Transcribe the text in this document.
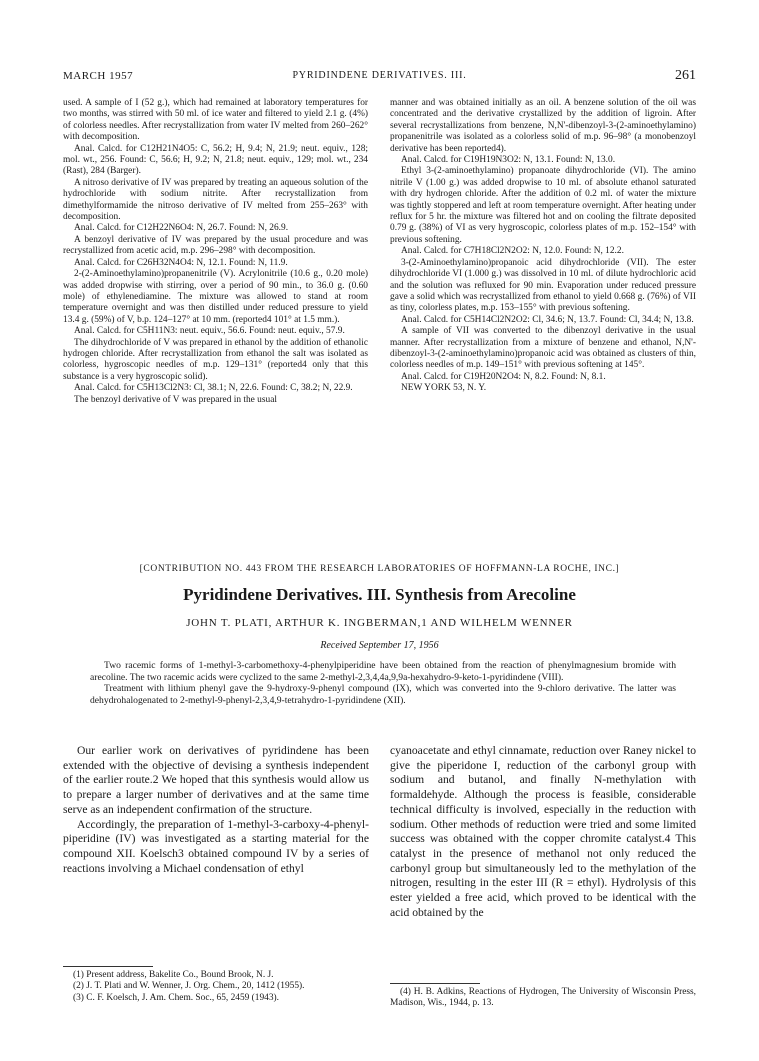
MARCH 1957	PYRIDINDENE DERIVATIVES. III.	261

used. A sample of I (52 g.), which had remained at laboratory temperatures for two months, was stirred with 50 ml. of ice water and filtered to yield 2.1 g. (4%) of colorless needles. After recrystallization from water IV melted from 260–262° with decomposition.

Anal. Calcd. for C12H21N4O5: C, 56.2; H, 9.4; N, 21.9; neut. equiv., 128; mol. wt., 256. Found: C, 56.6; H, 9.2; N, 21.8; neut. equiv., 129; mol. wt., 234 (Rast), 284 (Barger).

A nitroso derivative of IV was prepared by treating an aqueous solution of the hydrochloride with sodium nitrite. After recrystallization from dimethylformamide the nitroso derivative of IV melted from 255–263° with decomposition.

Anal. Calcd. for C12H22N6O4: N, 26.7. Found: N, 26.9.

A benzoyl derivative of IV was prepared by the usual procedure and was recrystallized from acetic acid, m.p. 296–298° with decomposition.

Anal. Calcd. for C26H32N4O4: N, 12.1. Found: N, 11.9.

2-(2-Aminoethylamino)propanenitrile (V). Acrylonitrile (10.6 g., 0.20 mole) was added dropwise with stirring, over a period of 90 min., to 36.0 g. (0.60 mole) of ethylenediamine. The mixture was allowed to stand at room temperature overnight and was then distilled under reduced pressure to yield 13.4 g. (59%) of V, b.p. 124–127° at 10 mm. (reported4 101° at 1.5 mm.).

Anal. Calcd. for C5H11N3: neut. equiv., 56.6. Found: neut. equiv., 57.9.

The dihydrochloride of V was prepared in ethanol by the addition of ethanolic hydrogen chloride. After recrystallization from ethanol the salt was isolated as colorless, hygroscopic needles of m.p. 129–131° (reported4 only that this substance is a very hygroscopic solid).

Anal. Calcd. for C5H13Cl2N3: Cl, 38.1; N, 22.6. Found: C, 38.2; N, 22.9.

The benzoyl derivative of V was prepared in the usual

manner and was obtained initially as an oil. A benzene solution of the oil was concentrated and the derivative crystallized by the addition of ligroin. After several recrystallizations from benzene, N,N'-dibenzoyl-3-(2-aminoethylamino) propanenitrile was isolated as a colorless solid of m.p. 96–98° (a monobenzoyl derivative has been reported4).

Anal. Calcd. for C19H19N3O2: N, 13.1. Found: N, 13.0.

Ethyl 3-(2-aminoethylamino) propanoate dihydrochloride (VI). The amino nitrile V (1.00 g.) was added dropwise to 10 ml. of absolute ethanol saturated with dry hydrogen chloride. After the addition of 0.2 ml. of water the mixture was tightly stoppered and left at room temperature overnight. After heating under reflux for 5 hr. the mixture was filtered hot and on cooling the filtrate deposited 0.79 g. (38%) of VI as very hygroscopic, colorless plates of m.p. 152–154° with previous softening.

Anal. Calcd. for C7H18Cl2N2O2: N, 12.0. Found: N, 12.2.

3-(2-Aminoethylamino)propanoic acid dihydrochloride (VII). The ester dihydrochloride VI (1.000 g.) was dissolved in 10 ml. of dilute hydrochloric acid and the solution was refluxed for 90 min. Evaporation under reduced pressure gave a solid which was recrystallized from ethanol to yield 0.668 g. (76%) of VII as tiny, colorless plates, m.p. 153–155° with previous softening.

Anal. Calcd. for C5H14Cl2N2O2: Cl, 34.6; N, 13.7. Found: Cl, 34.4; N, 13.8.

A sample of VII was converted to the dibenzoyl derivative in the usual manner. After recrystallization from a mixture of benzene and ethanol, N,N'-dibenzoyl-3-(2-aminoethylamino)propanoic acid was obtained as clusters of thin, colorless needles of m.p. 149–151° with previous softening at 145°.

Anal. Calcd. for C19H20N2O4: N, 8.2. Found: N, 8.1.

NEW YORK 53, N. Y.

[CONTRIBUTION NO. 443 FROM THE RESEARCH LABORATORIES OF HOFFMANN-LA ROCHE, INC.]
Pyridindene Derivatives. III. Synthesis from Arecoline
JOHN T. PLATI, ARTHUR K. INGBERMAN,1 AND WILHELM WENNER
Received September 17, 1956

Two racemic forms of 1-methyl-3-carbomethoxy-4-phenylpiperidine have been obtained from the reaction of phenylmagnesium bromide with arecoline. The two racemic acids were cyclized to the same 2-methyl-2,3,4,4a,9,9a-hexahydro-9-keto-1-pyridindene (VIII).

Treatment with lithium phenyl gave the 9-hydroxy-9-phenyl compound (IX), which was converted into the 9-chloro derivative. The latter was dehydrohalogenated to 2-methyl-9-phenyl-2,3,4,9-tetrahydro-1-pyridindene (XII).

Our earlier work on derivatives of pyridindene has been extended with the objective of devising a synthesis independent of the earlier route.2 We hoped that this synthesis would allow us to prepare a larger number of derivatives and at the same time serve as an independent confirmation of the structure.

Accordingly, the preparation of 1-methyl-3-carboxy-4-phenyl-piperidine (IV) was investigated as a starting material for the compound XII. Koelsch3 obtained compound IV by a series of reactions involving a Michael condensation of ethyl

cyanoacetate and ethyl cinnamate, reduction over Raney nickel to give the piperidone I, reduction of the carbonyl group with sodium and butanol, and finally N-methylation with formaldehyde. Although the process is feasible, considerable technical difficulty is involved, especially in the reduction with sodium. Other methods of reduction were tried and some limited success was obtained with the copper chromite catalyst.4 This catalyst in the presence of methanol not only reduced the carbonyl group but simultaneously led to the methylation of the nitrogen, resulting in the ester III (R = ethyl). Hydrolysis of this ester yielded a free acid, which proved to be identical with the acid obtained by the

(1) Present address, Bakelite Co., Bound Brook, N. J.

(2) J. T. Plati and W. Wenner, J. Org. Chem., 20, 1412 (1955).

(3) C. F. Koelsch, J. Am. Chem. Soc., 65, 2459 (1943).

(4) H. B. Adkins, Reactions of Hydrogen, The University of Wisconsin Press, Madison, Wis., 1944, p. 13.
